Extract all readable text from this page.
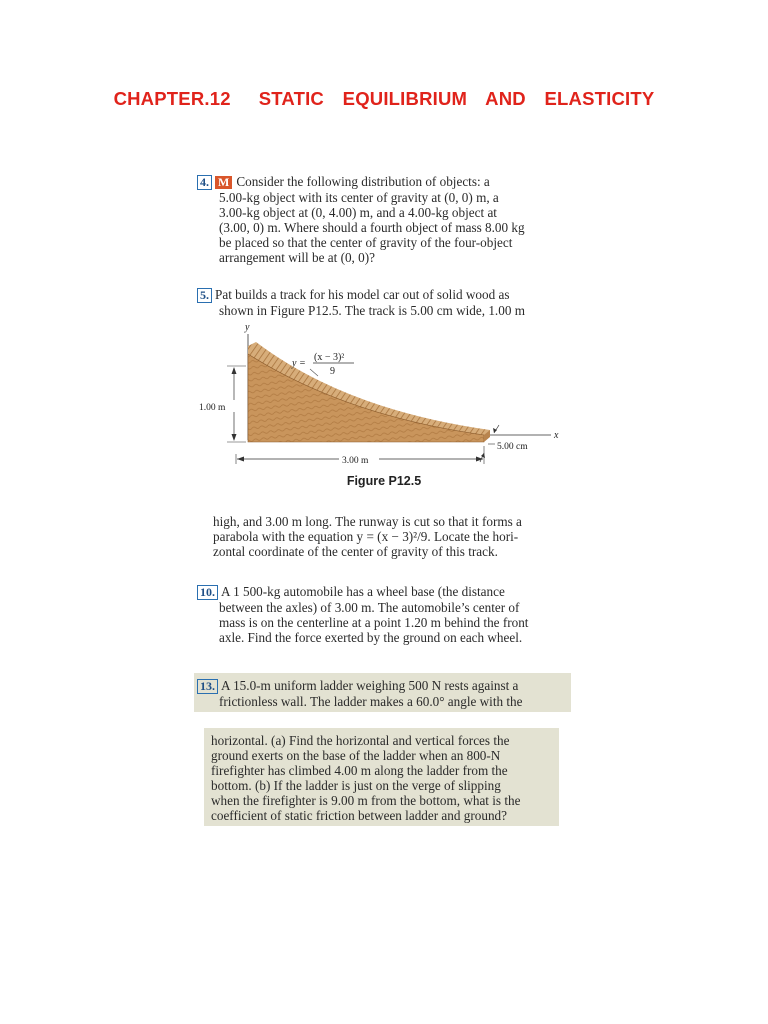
CHAPTER.12   STATIC  EQUILIBRIUM  AND  ELASTICITY
4. M Consider the following distribution of objects: a
5.00-kg object with its center of gravity at (0, 0) m, a
3.00-kg object at (0, 4.00) m, and a 4.00-kg object at
(3.00, 0) m. Where should a fourth object of mass 8.00 kg
be placed so that the center of gravity of the four-object
arrangement will be at (0, 0)?
5. Pat builds a track for his model car out of solid wood as
shown in Figure P12.5. The track is 5.00 cm wide, 1.00 m
y
x
y =
(x − 3)²
9
1.00 m
3.00 m
5.00 cm
Figure P12.5
high, and 3.00 m long. The runway is cut so that it forms a
parabola with the equation y = (x − 3)²/9. Locate the hori-
zontal coordinate of the center of gravity of this track.
10. A 1 500-kg automobile has a wheel base (the distance
between the axles) of 3.00 m. The automobile’s center of
mass is on the centerline at a point 1.20 m behind the front
axle. Find the force exerted by the ground on each wheel.
13. A 15.0-m uniform ladder weighing 500 N rests against a
frictionless wall. The ladder makes a 60.0° angle with the
horizontal. (a) Find the horizontal and vertical forces the
ground exerts on the base of the ladder when an 800-N
firefighter has climbed 4.00 m along the ladder from the
bottom. (b) If the ladder is just on the verge of slipping
when the firefighter is 9.00 m from the bottom, what is the
coefficient of static friction between ladder and ground?
